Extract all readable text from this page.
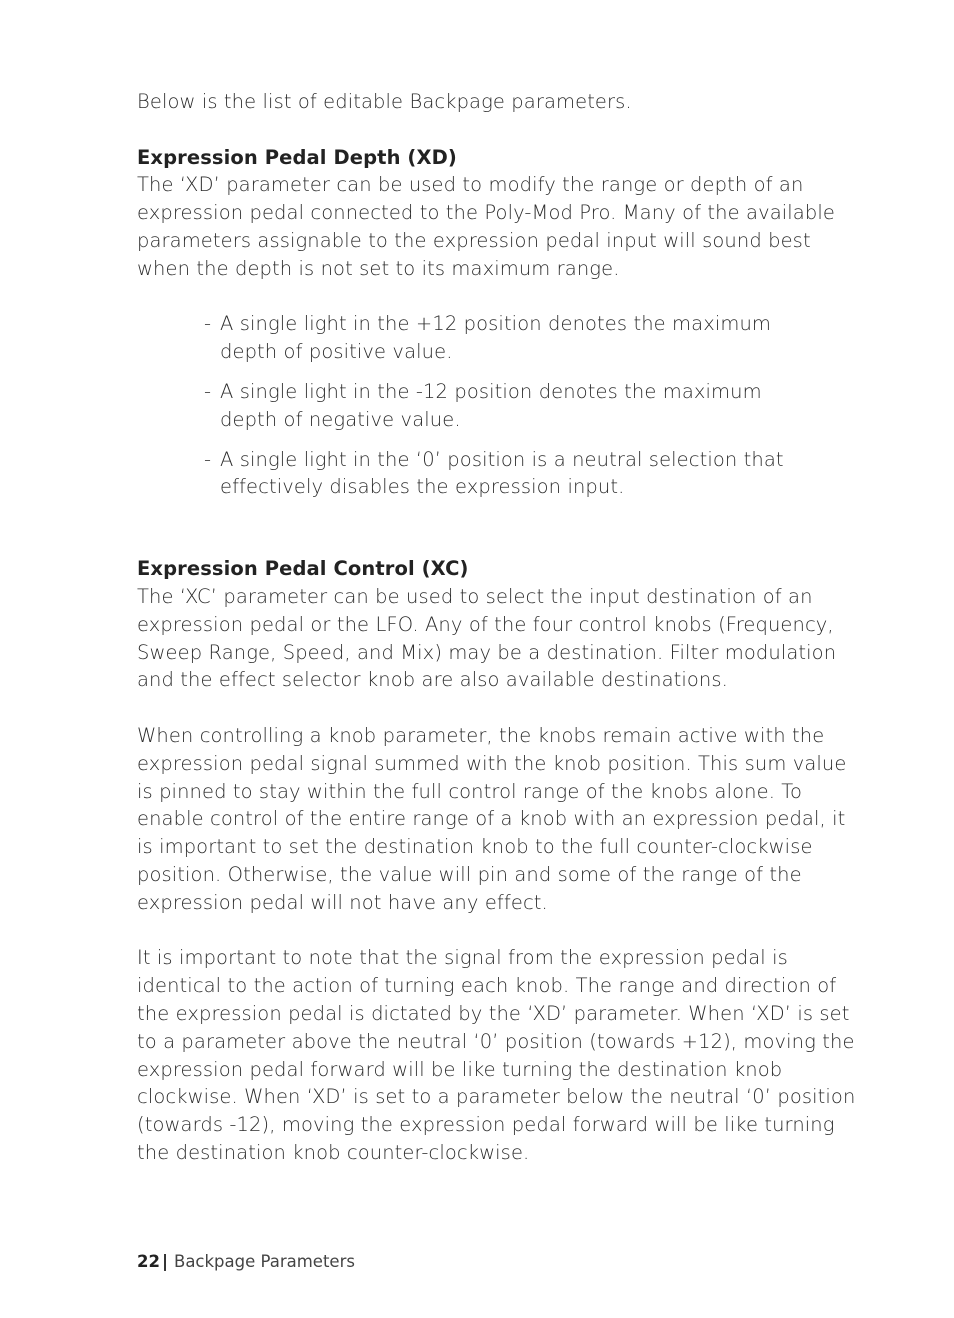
Below is the list of editable Backpage parameters.

Expression Pedal Depth (XD)

The ‘XD’ parameter can be used to modify the range or depth of an expression pedal connected to the Poly-Mod Pro. Many of the available parameters assignable to the expression pedal input will sound best when the depth is not set to its maximum range.

- A single light in the +12 position denotes the maximum depth of positive value.
- A single light in the -12 position denotes the maximum depth of negative value.
- A single light in the ‘0’ position is a neutral selection that effectively disables the expression input.
Expression Pedal Control (XC)

The ‘XC’ parameter can be used to select the input destination of an expression pedal or the LFO. Any of the four control knobs (Frequency, Sweep Range, Speed, and Mix) may be a destination. Filter modulation and the effect selector knob are also available destinations.

When controlling a knob parameter, the knobs remain active with the expression pedal signal summed with the knob position. This sum value is pinned to stay within the full control range of the knobs alone. To enable control of the entire range of a knob with an expression pedal, it is important to set the destination knob to the full counter-clockwise position. Otherwise, the value will pin and some of the range of the expression pedal will not have any effect.

It is important to note that the signal from the expression pedal is identical to the action of turning each knob. The range and direction of the expression pedal is dictated by the ‘XD’ parameter. When ‘XD’ is set to a parameter above the neutral ‘0’ position (towards +12), moving the expression pedal forward will be like turning the destination knob clockwise. When ‘XD’ is set to a parameter below the neutral ‘0’ position (towards -12), moving the expression pedal forward will be like turning the destination knob counter-clockwise.

22 | Backpage Parameters
